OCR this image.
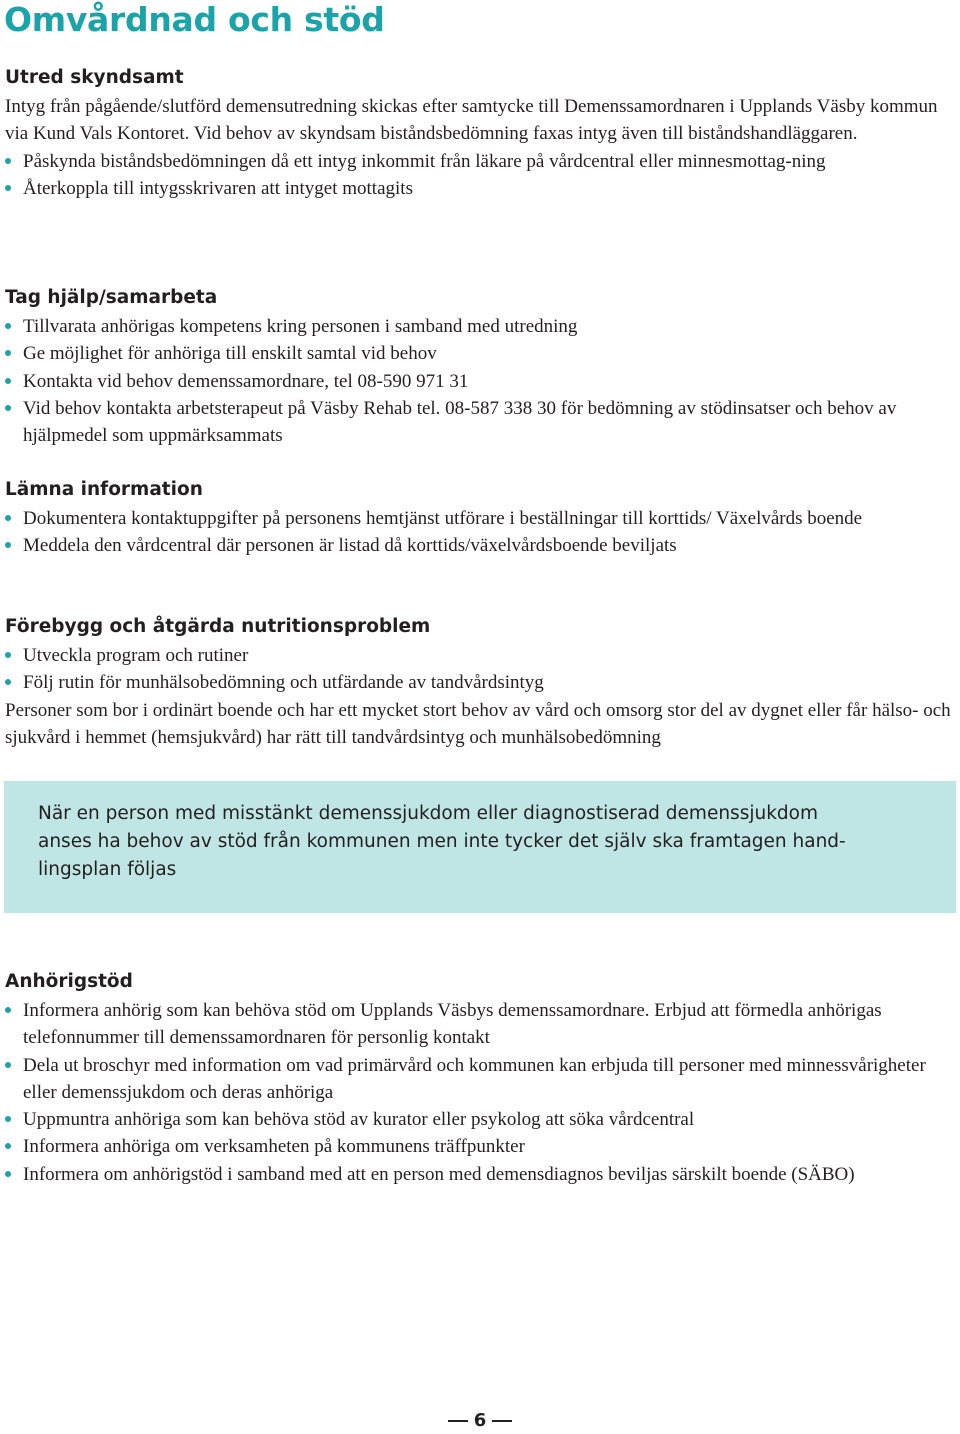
Omvårdnad och stöd
Utred skyndsamt

Intyg från pågående/slutförd demensutredning skickas efter samtycke till Demenssamordnaren i Upplands Väsby kommun via Kund Vals Kontoret. Vid behov av skyndsam biståndsbedömning faxas intyg även till biståndshandläggaren.

Påskynda biståndsbedömningen då ett intyg inkommit från läkare på vårdcentral eller minnesmottag-ning
Återkoppla till intygsskrivaren att intyget mottagits
Tag hjälp/samarbeta
Tillvarata anhörigas kompetens kring personen i samband med utredning
Ge möjlighet för anhöriga till enskilt samtal vid behov
Kontakta vid behov demenssamordnare, tel 08-590 971 31
Vid behov kontakta arbetsterapeut på Väsby Rehab tel. 08-587 338 30 för bedömning av stödinsatser och behov av hjälpmedel som uppmärksammats
Lämna information
Dokumentera kontaktuppgifter på personens hemtjänst utförare i beställningar till korttids/ Växelvårds boende
Meddela den vårdcentral där personen är listad då korttids/växelvårdsboende beviljats
Förebygg och åtgärda nutritionsproblem
Utveckla program och rutiner
Följ rutin för munhälsobedömning och utfärdande av tandvårdsintyg

Personer som bor i ordinärt boende och har ett mycket stort behov av vård och omsorg stor del av dygnet eller får hälso- och sjukvård i hemmet (hemsjukvård) har rätt till tandvårdsintyg och munhälsobedömning

När en person med misstänkt demenssjukdom eller diagnostiserad demenssjukdom anses ha behov av stöd från kommunen men inte tycker det själv ska framtagen hand-lingsplan följas

Anhörigstöd
Informera anhörig som kan behöva stöd om Upplands Väsbys demenssamordnare. Erbjud att förmedla anhörigas telefonnummer till demenssamordnaren för personlig kontakt
Dela ut broschyr med information om vad primärvård och kommunen kan erbjuda till personer med minnessvårigheter eller demenssjukdom och deras anhöriga
Uppmuntra anhöriga som kan behöva stöd av kurator eller psykolog att söka vårdcentral
Informera anhöriga om verksamheten på kommunens träffpunkter
Informera om anhörigstöd i samband med att en person med demensdiagnos beviljas särskilt boende (SÄBO)
6
